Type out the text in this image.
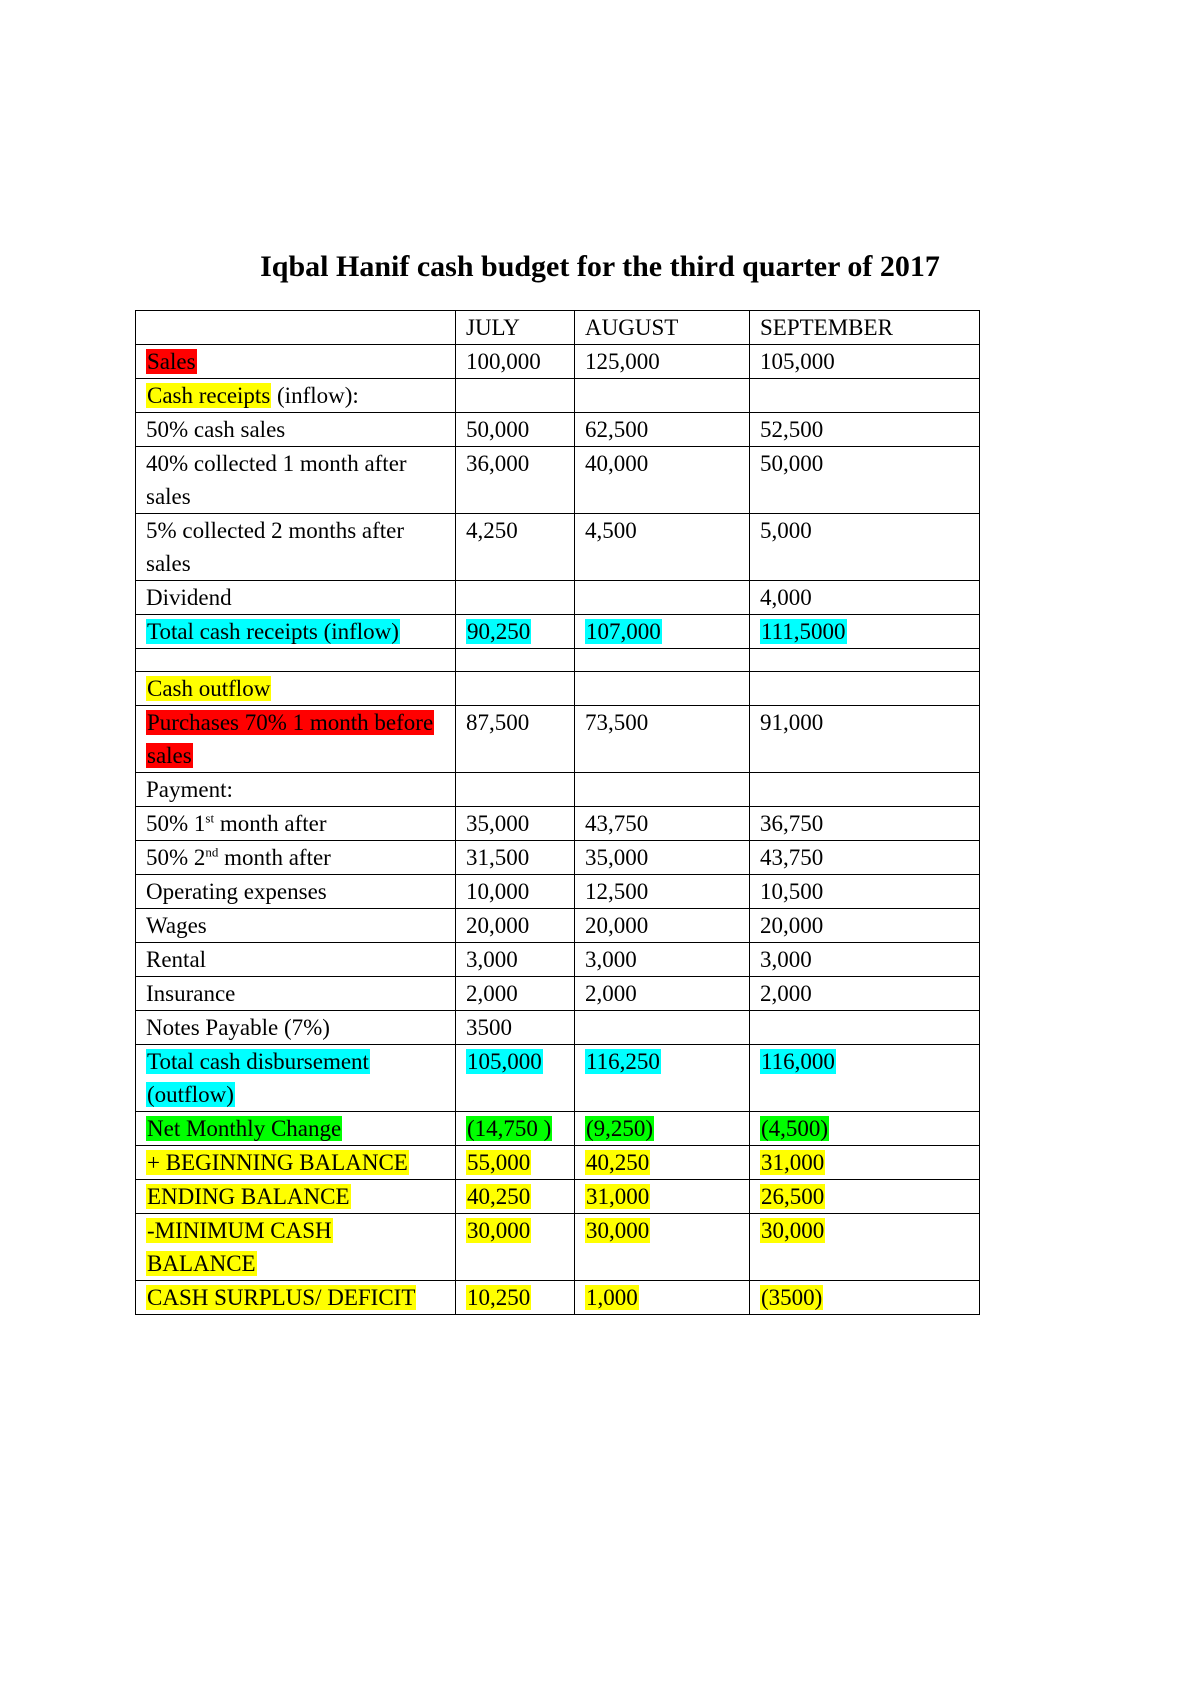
Iqbal Hanif cash budget for the third quarter of 2017
	JULY	AUGUST	SEPTEMBER
Sales	100,000	125,000	105,000
Cash receipts (inflow):			
50% cash sales	50,000	62,500	52,500
40% collected 1 month after sales	36,000	40,000	50,000
5% collected 2 months after sales	4,250	4,500	5,000
Dividend			4,000
Total cash receipts (inflow)	90,250	107,000	111,5000

Cash outflow			
Purchases 70% 1 month before sales	87,500	73,500	91,000
Payment:			
50% 1st month after	35,000	43,750	36,750
50% 2nd month after	31,500	35,000	43,750
Operating expenses	10,000	12,500	10,500
Wages	20,000	20,000	20,000
Rental	3,000	3,000	3,000
Insurance	2,000	2,000	2,000
Notes Payable (7%)	3500		
Total cash disbursement (outflow)	105,000	116,250	116,000
Net Monthly Change	(14,750 )	(9,250)	(4,500)
+ BEGINNING BALANCE	55,000	40,250	31,000
ENDING BALANCE	40,250	31,000	26,500
-MINIMUM CASH BALANCE	30,000	30,000	30,000
CASH SURPLUS/ DEFICIT	10,250	1,000	(3500)
